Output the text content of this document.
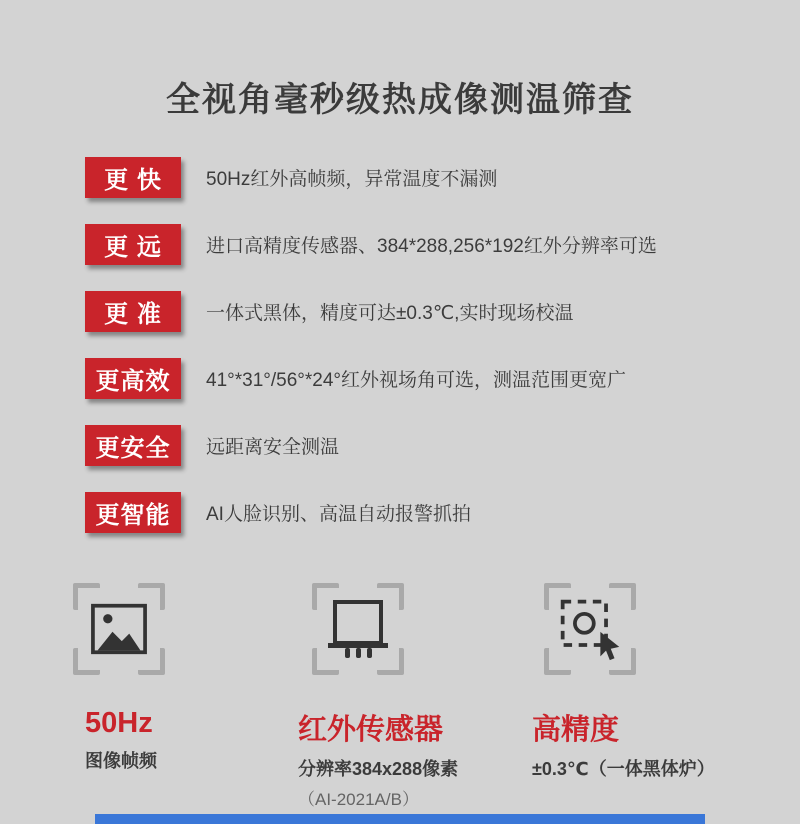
全视角毫秒级热成像测温筛查
更 快	50Hz红外高帧频，异常温度不漏测
更 远	进口高精度传感器、384*288,256*192红外分辨率可选
更 准	一体式黑体，精度可达±0.3℃,实时现场校温
更高效	41°*31°/56°*24°红外视场角可选，测温范围更宽广
更安全	远距离安全测温
更智能	AI人脸识别、高温自动报警抓拍
50Hz
图像帧频
红外传感器
分辨率384x288像素
（AI-2021A/B）
高精度
±0.3℃（一体黑体炉）
